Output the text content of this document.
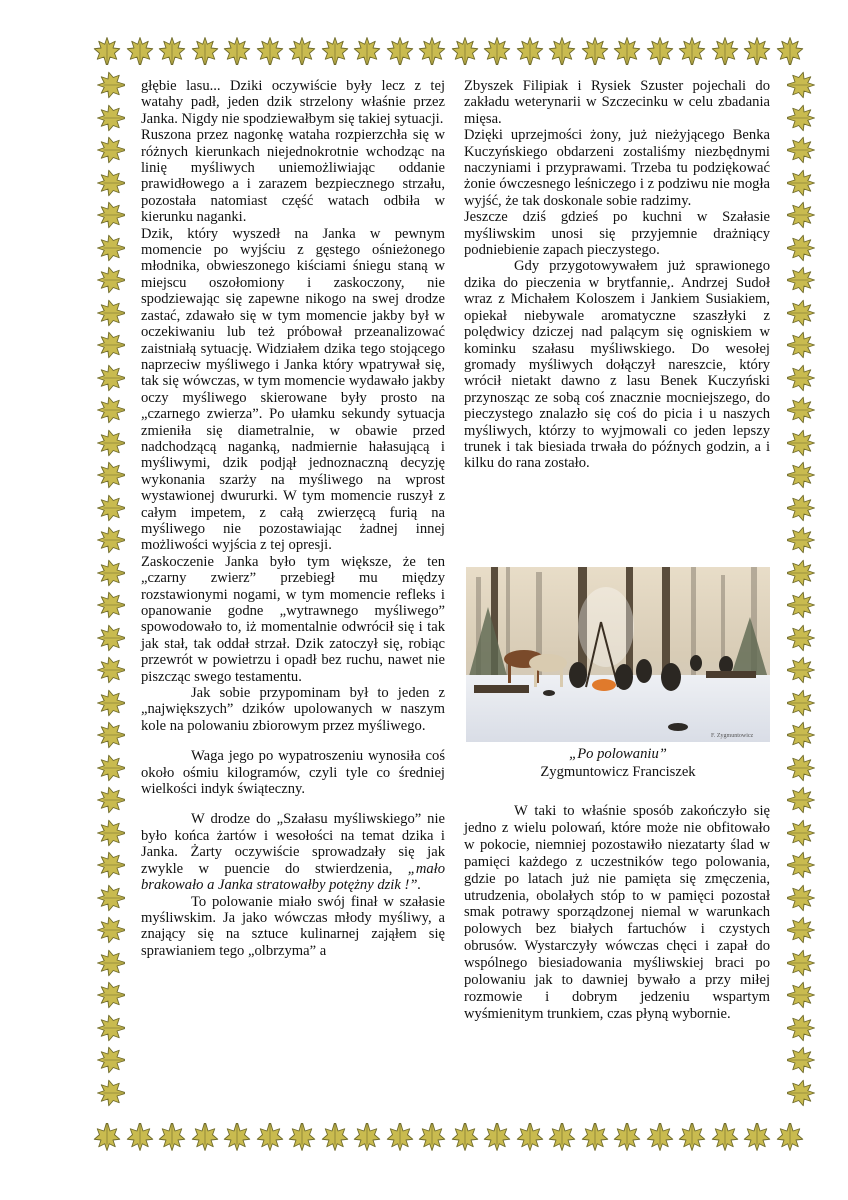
głębie lasu... Dziki oczywiście były lecz z tej watahy padł, jeden dzik strzelony właśnie przez Janka. Nigdy nie spodziewałbym się takiej sytuacji.

Ruszona przez nagonkę wataha rozpierzchła się w różnych kierunkach niejednokrotnie wchodząc na linię myśliwych uniemożliwiając oddanie prawidłowego a i zarazem bezpiecznego strzału, pozostała natomiast część watach odbiła w kierunku naganki.

Dzik, który wyszedł na Janka w pewnym momencie po wyjściu z gęstego ośnieżonego młodnika, obwieszonego kiściami śniegu staną w miejscu oszołomiony i zaskoczony, nie spodziewając się zapewne nikogo na swej drodze zastać, zdawało się w tym momencie jakby był w oczekiwaniu lub też próbował przeanalizować zaistniałą sytuację. Widziałem dzika tego stojącego naprzeciw myśliwego i Janka który wpatrywał się, tak się wówczas, w tym momencie wydawało jakby oczy myśliwego skierowane były prosto na „czarnego zwierza”. Po ułamku sekundy sytuacja zmieniła się diametralnie, w obawie przed nadchodzącą naganką, nadmiernie hałasującą i myśliwymi, dzik podjął jednoznaczną decyzję wykonania szarży na myśliwego na wprost wystawionej dwururki. W tym momencie ruszył z całym impetem, z całą zwierzęcą furią na myśliwego nie pozostawiając żadnej innej możliwości wyjścia z tej opresji.

Zaskoczenie Janka było tym większe, że ten „czarny zwierz” przebiegł mu między rozstawionymi nogami, w tym momencie refleks i opanowanie godne „wytrawnego myśliwego” spowodowało to, iż momentalnie odwrócił się i tak jak stał, tak oddał strzał. Dzik zatoczył się, robiąc przewrót w powietrzu i opadł bez ruchu, nawet nie piszcząc swego testamentu.

Jak sobie przypominam był to jeden z „największych” dzików upolowanych w naszym kole na polowaniu zbiorowym przez myśliwego.

Waga jego po wypatroszeniu wynosiła coś około ośmiu kilogramów, czyli tyle co średniej wielkości indyk świąteczny.

W drodze do „Szałasu myśliwskiego” nie było końca żartów i wesołości na temat dzika i Janka. Żarty oczywiście sprowadzały się jak zwykle w puencie do stwierdzenia, „mało brakowało a Janka stratowałby potężny dzik !”.

To polowanie miało swój finał w szałasie myśliwskim. Ja jako wówczas młody myśliwy, a znający się na sztuce kulinarnej zająłem się sprawianiem tego „olbrzyma” a

Zbyszek Filipiak i Rysiek Szuster pojechali do zakładu weterynarii w Szczecinku w celu zbadania mięsa.

Dzięki uprzejmości żony, już nieżyjącego Benka Kuczyńskiego obdarzeni zostaliśmy niezbędnymi naczyniami i przyprawami. Trzeba tu podziękować żonie ówczesnego leśniczego i z podziwu nie mogła wyjść, że tak doskonale sobie radzimy.

Jeszcze dziś gdzieś po kuchni w Szałasie myśliwskim unosi się przyjemnie drażniący podniebienie zapach pieczystego.

Gdy przygotowywałem już sprawionego dzika do pieczenia w brytfannie,. Andrzej Sudoł wraz z Michałem Koloszem i Jankiem Susiakiem, opiekał niebywale aromatyczne szaszłyki z polędwicy dziczej nad palącym się ogniskiem w kominku szałasu myśliwskiego. Do wesołej gromady myśliwych dołączył nareszcie, który wrócił nietakt dawno z lasu Benek Kuczyński przynosząc ze sobą coś znacznie mocniejszego, do pieczystego znalazło się coś do picia i u naszych myśliwych, którzy to wyjmowali co jeden lepszy trunek i tak biesiada trwała do późnych godzin, a i kilku do rana zostało.

F. Zygmuntowicz
„Po polowaniu”
Zygmuntowicz Franciszek

W taki to właśnie sposób zakończyło się jedno z wielu polowań, które może nie obfitowało w pokocie, niemniej pozostawiło niezatarty ślad w pamięci każdego z uczestników tego polowania, gdzie po latach już nie pamięta się zmęczenia, utrudzenia, obolałych stóp to w pamięci pozostał smak potrawy sporządzonej niemal w warunkach polowych bez białych fartuchów i czystych obrusów. Wystarczyły wówczas chęci i zapał do wspólnego biesiadowania myśliwskiej braci po polowaniu jak to dawniej bywało a przy miłej rozmowie i dobrym jedzeniu wspartym wyśmienitym trunkiem, czas płyną wybornie.
